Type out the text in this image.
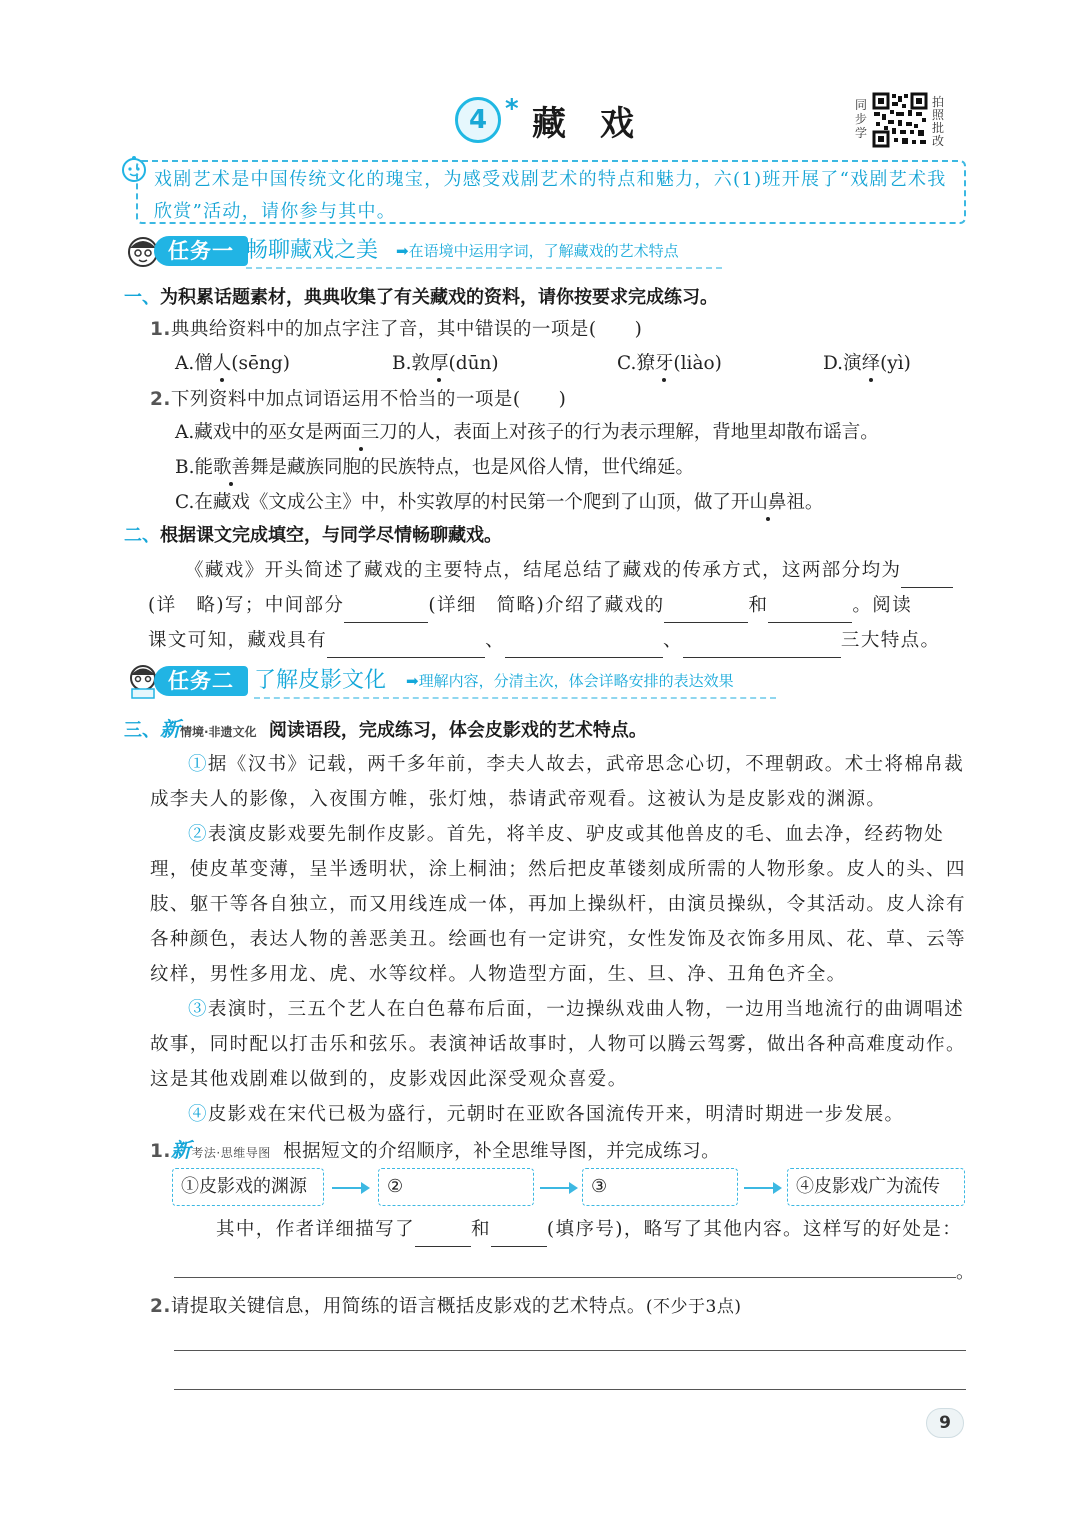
4 * 藏戏	同步学
拍照批改
戏剧艺术是中国传统文化的瑰宝，为感受戏剧艺术的特点和魅力，六(1)班开展了“戏剧艺术我欣赏”活动，请你参与其中。
任务一 畅聊藏戏之美 ➡在语境中运用字词，了解藏戏的艺术特点
一、为积累话题素材，典典收集了有关藏戏的资料，请你按要求完成练习。
1.典典给资料中的加点字注了音，其中错误的一项是(　　)
A.僧人(sēng)	B.敦厚(dūn)	C.獠牙(liào)	D.演绎(yì)
2.下列资料中加点词语运用不恰当的一项是(　　)
A.藏戏中的巫女是两面三刀的人，表面上对孩子的行为表示理解，背地里却散布谣言。
B.能歌善舞是藏族同胞的民族特点，也是风俗人情，世代绵延。
C.在藏戏《文成公主》中，朴实敦厚的村民第一个爬到了山顶，做了开山鼻祖。
二、根据课文完成填空，与同学尽情畅聊藏戏。
《藏戏》开头简述了藏戏的主要特点，结尾总结了藏戏的传承方式，这两部分均为
(详　略)写；中间部分	(详细　简略)介绍了藏戏的	和	。阅读
课文可知，藏戏具有	、	、	三大特点。
任务二 了解皮影文化 ➡理解内容，分清主次，体会详略安排的表达效果
三、新情境·非遗文化 阅读语段，完成练习，体会皮影戏的艺术特点。
①据《汉书》记载，两千多年前，李夫人故去，武帝思念心切，不理朝政。术士将棉帛裁成李夫人的影像，入夜围方帷，张灯烛，恭请武帝观看。这被认为是皮影戏的渊源。
②表演皮影戏要先制作皮影。首先，将羊皮、驴皮或其他兽皮的毛、血去净，经药物处理，使皮革变薄，呈半透明状，涂上桐油；然后把皮革镂刻成所需的人物形象。皮人的头、四肢、躯干等各自独立，而又用线连成一体，再加上操纵杆，由演员操纵，令其活动。皮人涂有各种颜色，表达人物的善恶美丑。绘画也有一定讲究，女性发饰及衣饰多用凤、花、草、云等纹样，男性多用龙、虎、水等纹样。人物造型方面，生、旦、净、丑角色齐全。
③表演时，三五个艺人在白色幕布后面，一边操纵戏曲人物，一边用当地流行的曲调唱述故事，同时配以打击乐和弦乐。表演神话故事时，人物可以腾云驾雾，做出各种高难度动作。这是其他戏剧难以做到的，皮影戏因此深受观众喜爱。
④皮影戏在宋代已极为盛行，元朝时在亚欧各国流传开来，明清时期进一步发展。
1.新考法·思维导图 根据短文的介绍顺序，补全思维导图，并完成练习。
①皮影戏的渊源	②	③	④皮影戏广为流传
其中，作者详细描写了	和	(填序号)，略写了其他内容。这样写的好处是：
。
2.请提取关键信息，用简练的语言概括皮影戏的艺术特点。(不少于3点)
9
